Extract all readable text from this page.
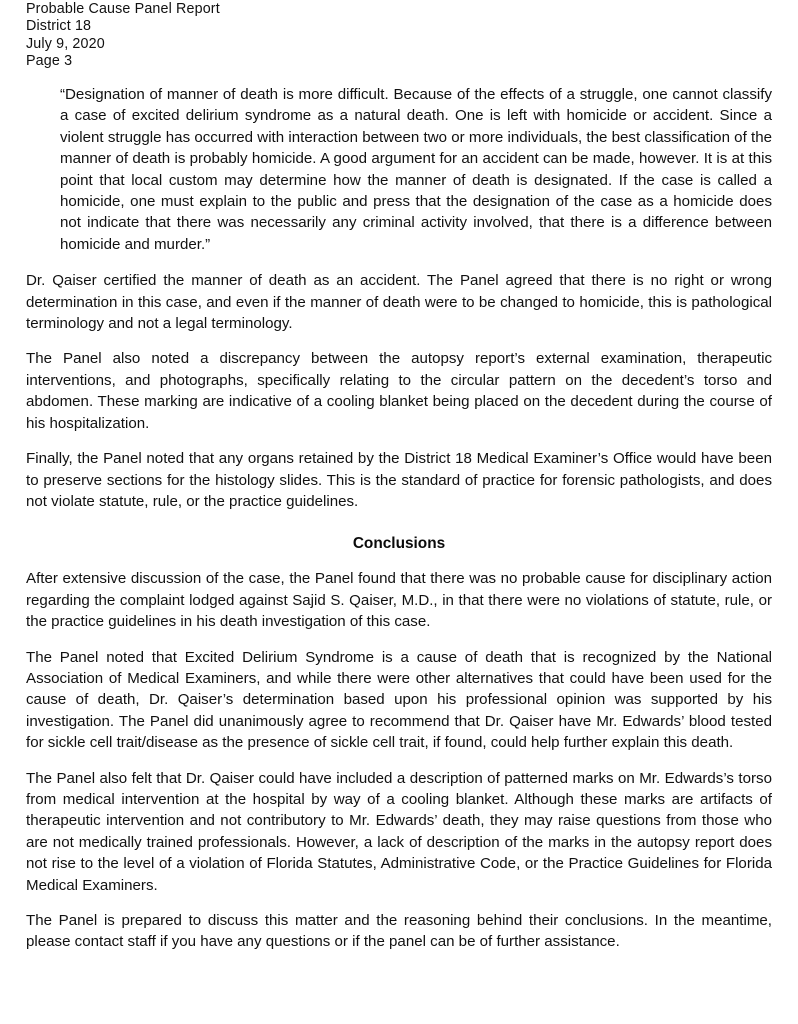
Probable Cause Panel Report
District 18
July 9, 2020
Page 3

“Designation of manner of death is more difficult. Because of the effects of a struggle, one cannot classify a case of excited delirium syndrome as a natural death. One is left with homicide or accident. Since a violent struggle has occurred with interaction between two or more individuals, the best classification of the manner of death is probably homicide. A good argument for an accident can be made, however. It is at this point that local custom may determine how the manner of death is designated. If the case is called a homicide, one must explain to the public and press that the designation of the case as a homicide does not indicate that there was necessarily any criminal activity involved, that there is a difference between homicide and murder.”

Dr. Qaiser certified the manner of death as an accident. The Panel agreed that there is no right or wrong determination in this case, and even if the manner of death were to be changed to homicide, this is pathological terminology and not a legal terminology.

The Panel also noted a discrepancy between the autopsy report’s external examination, therapeutic interventions, and photographs, specifically relating to the circular pattern on the decedent’s torso and abdomen. These marking are indicative of a cooling blanket being placed on the decedent during the course of his hospitalization.

Finally, the Panel noted that any organs retained by the District 18 Medical Examiner’s Office would have been to preserve sections for the histology slides. This is the standard of practice for forensic pathologists, and does not violate statute, rule, or the practice guidelines.

Conclusions

After extensive discussion of the case, the Panel found that there was no probable cause for disciplinary action regarding the complaint lodged against Sajid S. Qaiser, M.D., in that there were no violations of statute, rule, or the practice guidelines in his death investigation of this case.

The Panel noted that Excited Delirium Syndrome is a cause of death that is recognized by the National Association of Medical Examiners, and while there were other alternatives that could have been used for the cause of death, Dr. Qaiser’s determination based upon his professional opinion was supported by his investigation. The Panel did unanimously agree to recommend that Dr. Qaiser have Mr. Edwards’ blood tested for sickle cell trait/disease as the presence of sickle cell trait, if found, could help further explain this death.

The Panel also felt that Dr. Qaiser could have included a description of patterned marks on Mr. Edwards’s torso from medical intervention at the hospital by way of a cooling blanket. Although these marks are artifacts of therapeutic intervention and not contributory to Mr. Edwards’ death, they may raise questions from those who are not medically trained professionals. However, a lack of description of the marks in the autopsy report does not rise to the level of a violation of Florida Statutes, Administrative Code, or the Practice Guidelines for Florida Medical Examiners.

The Panel is prepared to discuss this matter and the reasoning behind their conclusions. In the meantime, please contact staff if you have any questions or if the panel can be of further assistance.
